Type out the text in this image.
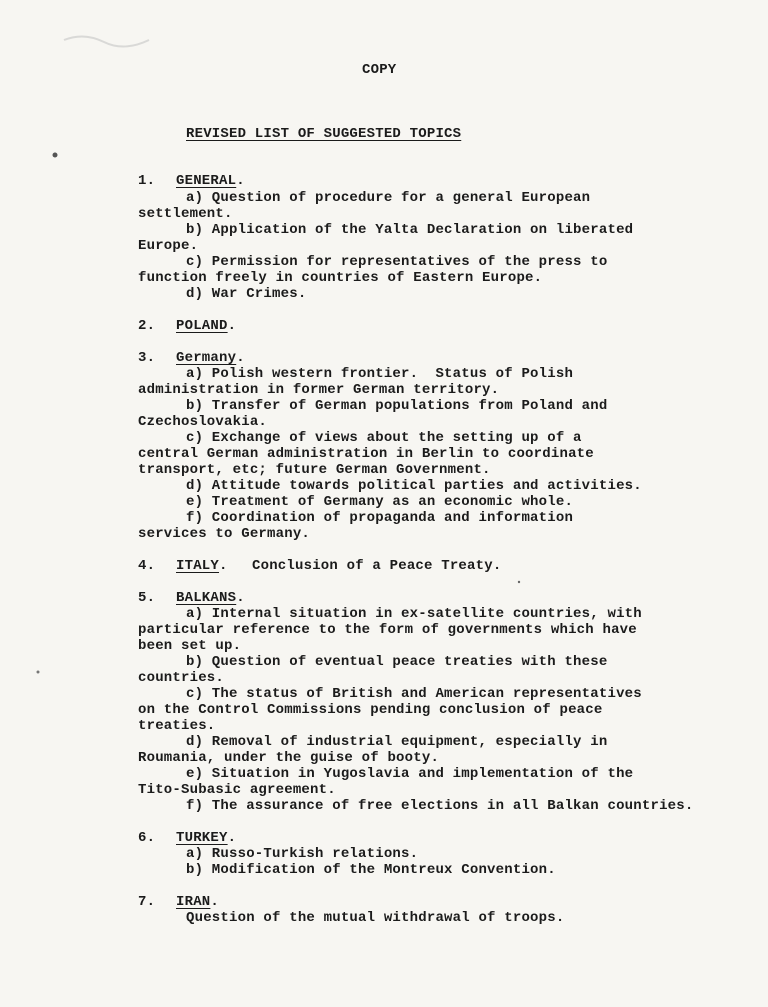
COPY
REVISED LIST OF SUGGESTED TOPICS
1. GENERAL.
a) Question of procedure for a general European
settlement.
b) Application of the Yalta Declaration on liberated
Europe.
c) Permission for representatives of the press to
function freely in countries of Eastern Europe.
d) War Crimes.
2. POLAND.
3. Germany.
a) Polish western frontier.  Status of Polish
administration in former German territory.
b) Transfer of German populations from Poland and
Czechoslovakia.
c) Exchange of views about the setting up of a
central German administration in Berlin to coordinate
transport, etc; future German Government.
d) Attitude towards political parties and activities.
e) Treatment of Germany as an economic whole.
f) Coordination of propaganda and information
services to Germany.
4. ITALY. Conclusion of a Peace Treaty.
5. BALKANS.
a) Internal situation in ex-satellite countries, with
particular reference to the form of governments which have
been set up.
b) Question of eventual peace treaties with these
countries.
c) The status of British and American representatives
on the Control Commissions pending conclusion of peace
treaties.
d) Removal of industrial equipment, especially in
Roumania, under the guise of booty.
e) Situation in Yugoslavia and implementation of the
Tito-Subasic agreement.
f) The assurance of free elections in all Balkan countries.
6. TURKEY.
a) Russo-Turkish relations.
b) Modification of the Montreux Convention.
7. IRAN.
Question of the mutual withdrawal of troops.
